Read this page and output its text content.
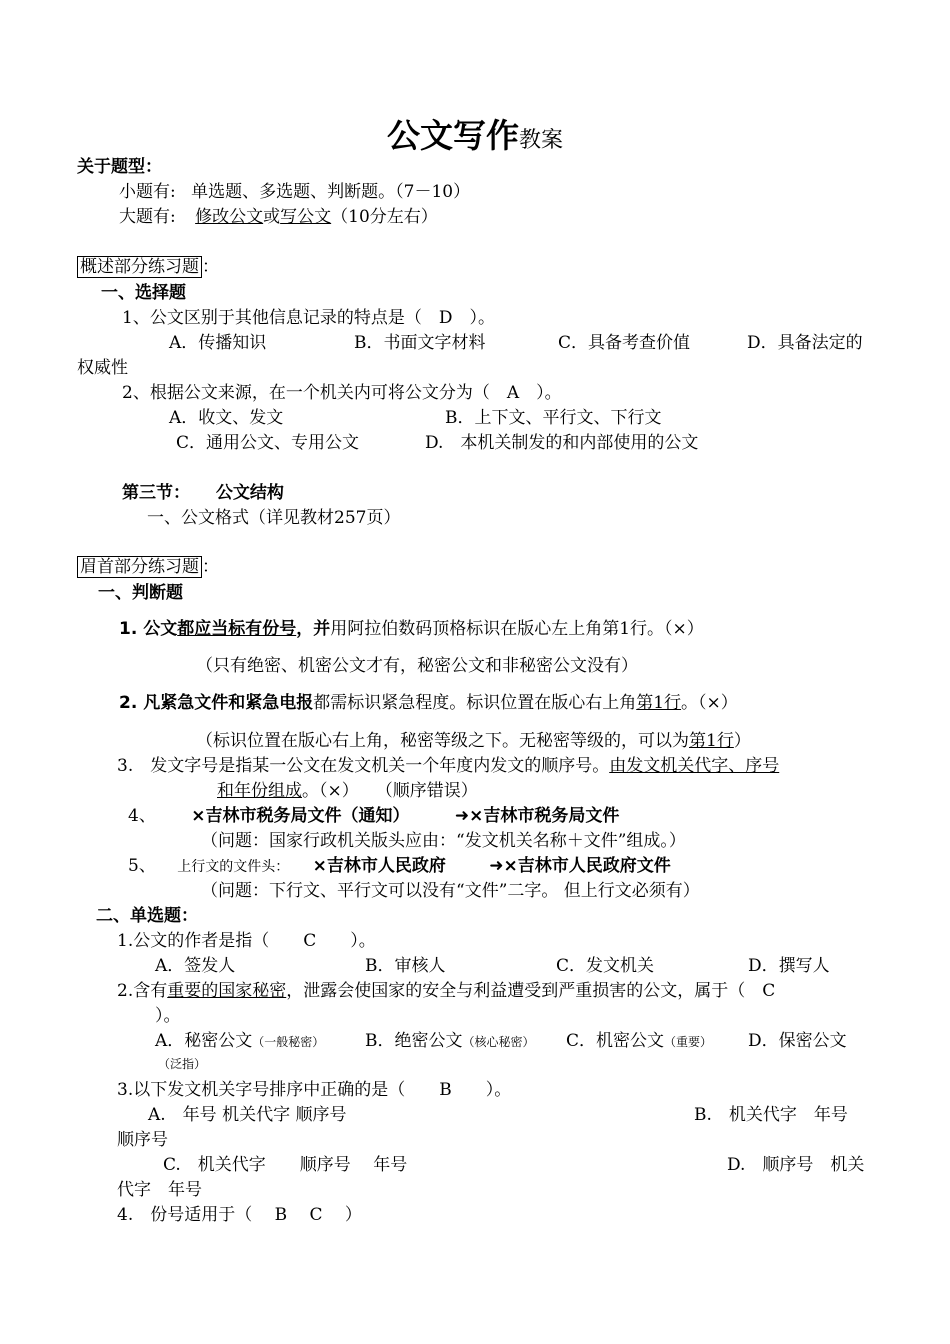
公文写作教案
关于题型：
小题有: 单选题、多选题、判断题。（7－10）
大题有: 修改公文或写公文（10分左右）
概述部分练习题 ：
一、选择题
1、公文区别于其他信息记录的特点是（　D　）。
A．传播知识	B．书面文字材料	C．具备考查价值	D．具备法定的
权威性
2、根据公文来源，在一个机关内可将公文分为（　A　）。
A．收文、发文	B．上下文、平行文、下行文
C．通用公文、专用公文	D.　本机关制发的和内部使用的公文
第三节： 公文结构
一、公文格式（详见教材257页）
眉首部分练习题 ：
一、判断题
1. 公文都应当标有份号，并用阿拉伯数码顶格标识在版心左上角第1行。（×）
（只有绝密、机密公文才有，秘密公文和非秘密公文没有）
2. 凡紧急文件和紧急电报都需标识紧急程度。标识位置在版心右上角第1行。（×）
（标识位置在版心右上角，秘密等级之下。无秘密等级的，可以为第1行）
3.　发文字号是指某一公文在发文机关一个年度内发文的顺序号。由发文机关代字、序号
和年份组成。（×）　　（顺序错误）
4、 ×吉林市税务局文件（通知）	➜×吉林市税务局文件
（问题：国家行政机关版头应由：“发文机关名称＋文件”组成。）
5、 上行文的文件头： ×吉林市人民政府	➜×吉林市人民政府文件
（问题：下行文、平行文可以没有“文件”二字。 但上行文必须有）
二、单选题：
1.公文的作者是指（　　C　　）。
A．签发人	B．审核人	C．发文机关	D．撰写人
2.含有重要的国家秘密，泄露会使国家的安全与利益遭受到严重损害的公文，属于（　C
）。
A．秘密公文（一般秘密） B．绝密公文（核心秘密） C．机密公文（重要） D．保密公文
（泛指）
3.以下发文机关字号排序中正确的是（　　B　　）。
A.　年号 机关代字 顺序号	B.　机关代字　年号
顺序号
C.　机关代字　　顺序号　 年号	D.　顺序号　机关
代字　年号
4.　份号适用于（　 B　 C　 ）
